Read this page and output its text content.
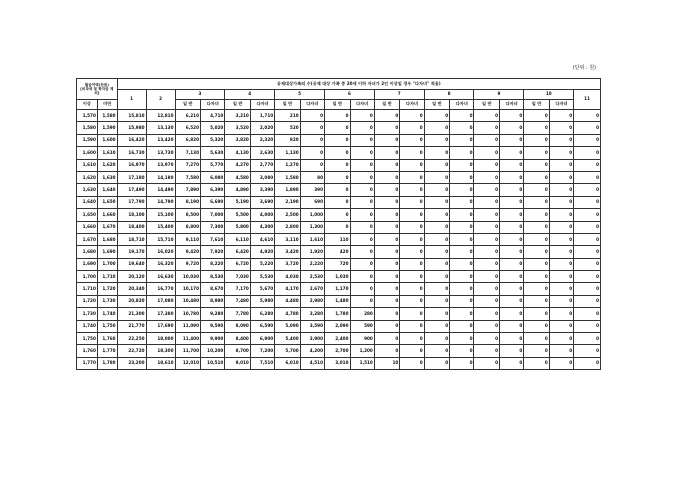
(단위 : 원)
월급여액(천원)
[비과세 및 학자금 제외]		공제대상가족의 수(공제 대상 가족 중 20세 이하 자녀가 2인 이상일 경우 "다자녀" 적용)																		
		1	2	3		4		5		6		7		8		9		10		11
이상	미만			일 반	다자녀	일 반	다자녀	일 반	다자녀	일 반	다자녀	일 반	다자녀	일 반	다자녀	일 반	다자녀	일 반	다자녀	
1,570	1,580	15,810	12,810	6,210	4,710	3,210	1,710	210	0	0	0	0	0	0	0	0	0	0	0	0
1,580	1,590	15,980	13,130	6,520	5,020	3,520	2,020	520	0	0	0	0	0	0	0	0	0	0	0	0
1,590	1,600	16,420	13,420	6,820	5,320	3,820	2,320	820	0	0	0	0	0	0	0	0	0	0	0	0
1,600	1,610	16,730	13,730	7,130	5,630	4,130	2,630	1,130	0	0	0	0	0	0	0	0	0	0	0	0
1,610	1,620	16,970	13,970	7,270	5,770	4,270	2,770	1,270	0	0	0	0	0	0	0	0	0	0	0	0
1,620	1,630	17,180	14,180	7,580	6,080	4,580	3,080	1,580	80	0	0	0	0	0	0	0	0	0	0	0
1,630	1,640	17,490	14,490	7,890	6,390	4,890	3,390	1,890	390	0	0	0	0	0	0	0	0	0	0	0
1,640	1,650	17,790	14,790	8,190	6,690	5,190	3,690	2,190	690	0	0	0	0	0	0	0	0	0	0	0
1,650	1,660	18,100	15,100	8,500	7,000	5,500	4,000	2,500	1,000	0	0	0	0	0	0	0	0	0	0	0
1,660	1,670	18,400	15,400	8,800	7,300	5,800	4,300	2,800	1,300	0	0	0	0	0	0	0	0	0	0	0
1,670	1,680	18,710	15,710	9,110	7,610	6,110	4,610	3,110	1,610	110	0	0	0	0	0	0	0	0	0	0
1,680	1,690	19,170	16,020	9,420	7,920	6,420	4,920	3,420	1,920	420	0	0	0	0	0	0	0	0	0	0
1,690	1,700	19,640	16,320	9,720	8,220	6,720	5,220	3,720	2,220	720	0	0	0	0	0	0	0	0	0	0
1,700	1,710	20,120	16,630	10,030	8,530	7,030	5,530	4,030	2,530	1,030	0	0	0	0	0	0	0	0	0	0
1,710	1,720	20,340	16,770	10,170	8,670	7,170	5,670	4,170	2,670	1,170	0	0	0	0	0	0	0	0	0	0
1,720	1,730	20,820	17,080	10,480	8,980	7,480	5,980	4,480	2,980	1,480	0	0	0	0	0	0	0	0	0	0
1,730	1,740	21,300	17,380	10,780	9,280	7,780	6,280	4,780	3,280	1,780	280	0	0	0	0	0	0	0	0	0
1,740	1,750	21,770	17,690	11,090	9,590	8,090	6,590	5,090	3,590	2,090	590	0	0	0	0	0	0	0	0	0
1,750	1,760	22,250	18,000	11,400	9,900	8,400	6,900	5,400	3,900	2,400	900	0	0	0	0	0	0	0	0	0
1,760	1,770	22,720	18,300	11,700	10,200	8,700	7,200	5,700	4,200	2,700	1,200	0	0	0	0	0	0	0	0	0
1,770	1,780	23,200	18,610	12,010	10,510	9,010	7,510	6,010	4,510	3,010	1,510	10	0	0	0	0	0	0	0	0
